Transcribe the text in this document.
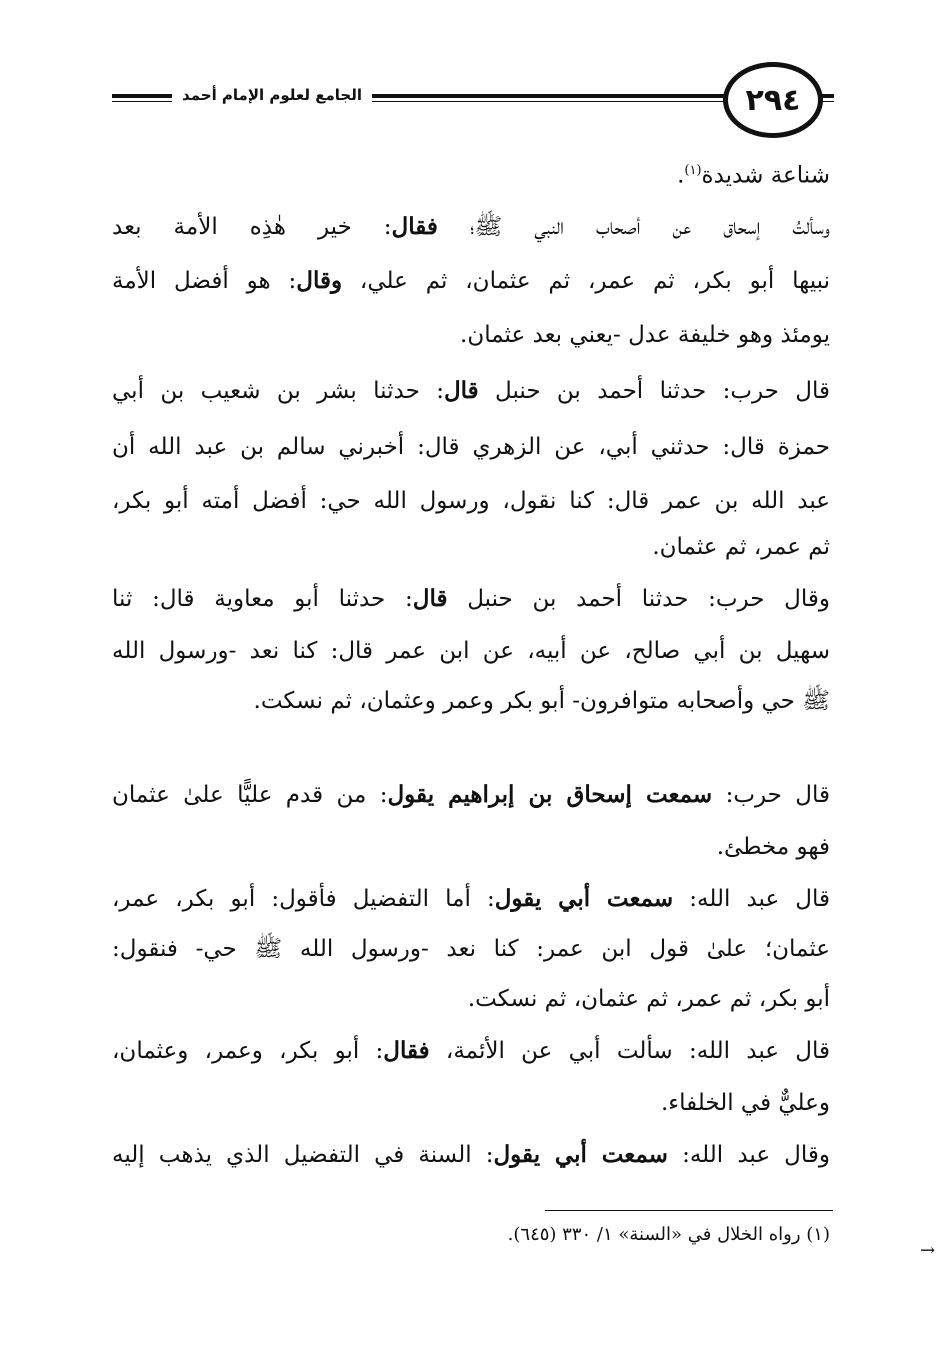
الجامع لعلوم الإمام أحمد	٢٩٤
شناعة شديدة$^{(١)}$.
وسألتُ إسحاق عن أصحاب النبي ﷺ؛ فقال: خير هٰذِه الأمة بعد
نبيها أبو بكر، ثم عمر، ثم عثمان، ثم علي، وقال: هو أفضل الأمة
يومئذ وهو خليفة عدل -يعني بعد عثمان.
قال حرب: حدثنا أحمد بن حنبل قال: حدثنا بشر بن شعيب بن أبي
حمزة قال: حدثني أبي، عن الزهري قال: أخبرني سالم بن عبد الله أن
عبد الله بن عمر قال: كنا نقول، ورسول الله حي: أفضل أمته أبو بكر،
ثم عمر، ثم عثمان.
وقال حرب: حدثنا أحمد بن حنبل قال: حدثنا أبو معاوية قال: ثنا
سهيل بن أبي صالح، عن أبيه، عن ابن عمر قال: كنا نعد -ورسول الله
ﷺ حي وأصحابه متوافرون- أبو بكر وعمر وعثمان، ثم نسكت.
قال حرب: سمعت إسحاق بن إبراهيم يقول: من قدم عليًّا علىٰ عثمان
فهو مخطئ.
قال عبد الله: سمعت أبي يقول: أما التفضيل فأقول: أبو بكر، عمر،
عثمان؛ علىٰ قول ابن عمر: كنا نعد -ورسول الله ﷺ حي- فنقول:
أبو بكر، ثم عمر، ثم عثمان، ثم نسكت.
قال عبد الله: سألت أبي عن الأئمة، فقال: أبو بكر، وعمر، وعثمان،
وعليٌّ في الخلفاء.
وقال عبد الله: سمعت أبي يقول: السنة في التفضيل الذي يذهب إليه
(١) رواه الخلال في «السنة» ١/ ٣٣٠ (٦٤٥).
→
